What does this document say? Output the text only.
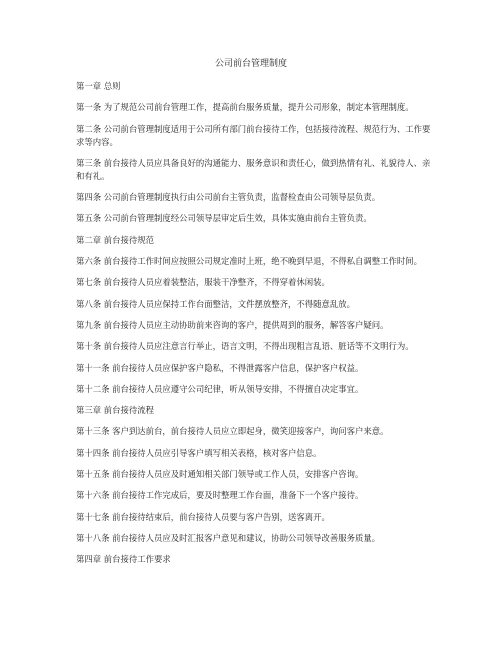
公司前台管理制度

第一章 总则

第一条 为了规范公司前台管理工作，提高前台服务质量，提升公司形象，制定本管理制度。

第二条 公司前台管理制度适用于公司所有部门前台接待工作，包括接待流程、规范行为、工作要求等内容。

第三条 前台接待人员应具备良好的沟通能力、服务意识和责任心，做到热情有礼、礼貌待人、亲和有礼。

第四条 公司前台管理制度执行由公司前台主管负责，监督检查由公司领导层负责。

第五条 公司前台管理制度经公司领导层审定后生效，具体实施由前台主管负责。

第二章 前台接待规范

第六条 前台接待工作时间应按照公司规定准时上班，绝不晚到早退，不得私自调整工作时间。

第七条 前台接待人员应着装整洁，服装干净整齐，不得穿着休闲装。

第八条 前台接待人员应保持工作台面整洁，文件摆放整齐，不得随意乱放。

第九条 前台接待人员应主动协助前来咨询的客户，提供周到的服务，解答客户疑问。

第十条 前台接待人员应注意言行举止，语言文明，不得出现粗言乱语、脏话等不文明行为。

第十一条 前台接待人员应保护客户隐私，不得泄露客户信息，保护客户权益。

第十二条 前台接待人员应遵守公司纪律，听从领导安排，不得擅自决定事宜。

第三章 前台接待流程

第十三条 客户到达前台，前台接待人员应立即起身，微笑迎接客户，询问客户来意。

第十四条 前台接待人员应引导客户填写相关表格，核对客户信息。

第十五条 前台接待人员应及时通知相关部门领导或工作人员，安排客户咨询。

第十六条 前台接待工作完成后，要及时整理工作台面，准备下一个客户接待。

第十七条 前台接待结束后，前台接待人员要与客户告别，送客离开。

第十八条 前台接待人员应及时汇报客户意见和建议，协助公司领导改善服务质量。

第四章 前台接待工作要求
